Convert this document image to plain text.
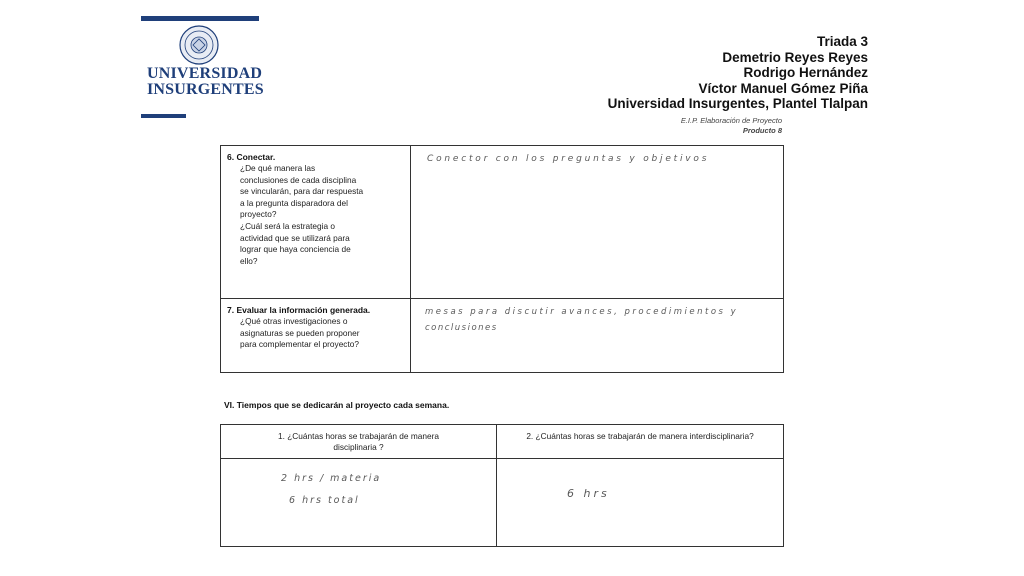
UNIVERSIDAD
INSURGENTES
Triada 3
Demetrio Reyes Reyes
Rodrigo Hernández
Víctor Manuel Gómez Piña
Universidad Insurgentes, Plantel Tlalpan
E.I.P. Elaboración de Proyecto
Producto 8
6. Conectar.
¿De qué manera las
conclusiones de cada disciplina
se vincularán, para dar respuesta
a la pregunta disparadora del
proyecto?
¿Cuál será la estrategia o
actividad que se utilizará para
lograr que haya conciencia de
ello?
Conector con los preguntas y objetivos
7. Evaluar la información generada.
¿Qué otras investigaciones o
asignaturas se pueden proponer
para complementar el proyecto?
mesas para discutir avances, procedimientos y
conclusiones
VI. Tiempos que se dedicarán al proyecto cada semana.
1. ¿Cuántas horas se trabajarán de manera
disciplinaria ?
2. ¿Cuántas horas se trabajarán de manera interdisciplinaria?
2 hrs / materia
6 hrs total
6 hrs
